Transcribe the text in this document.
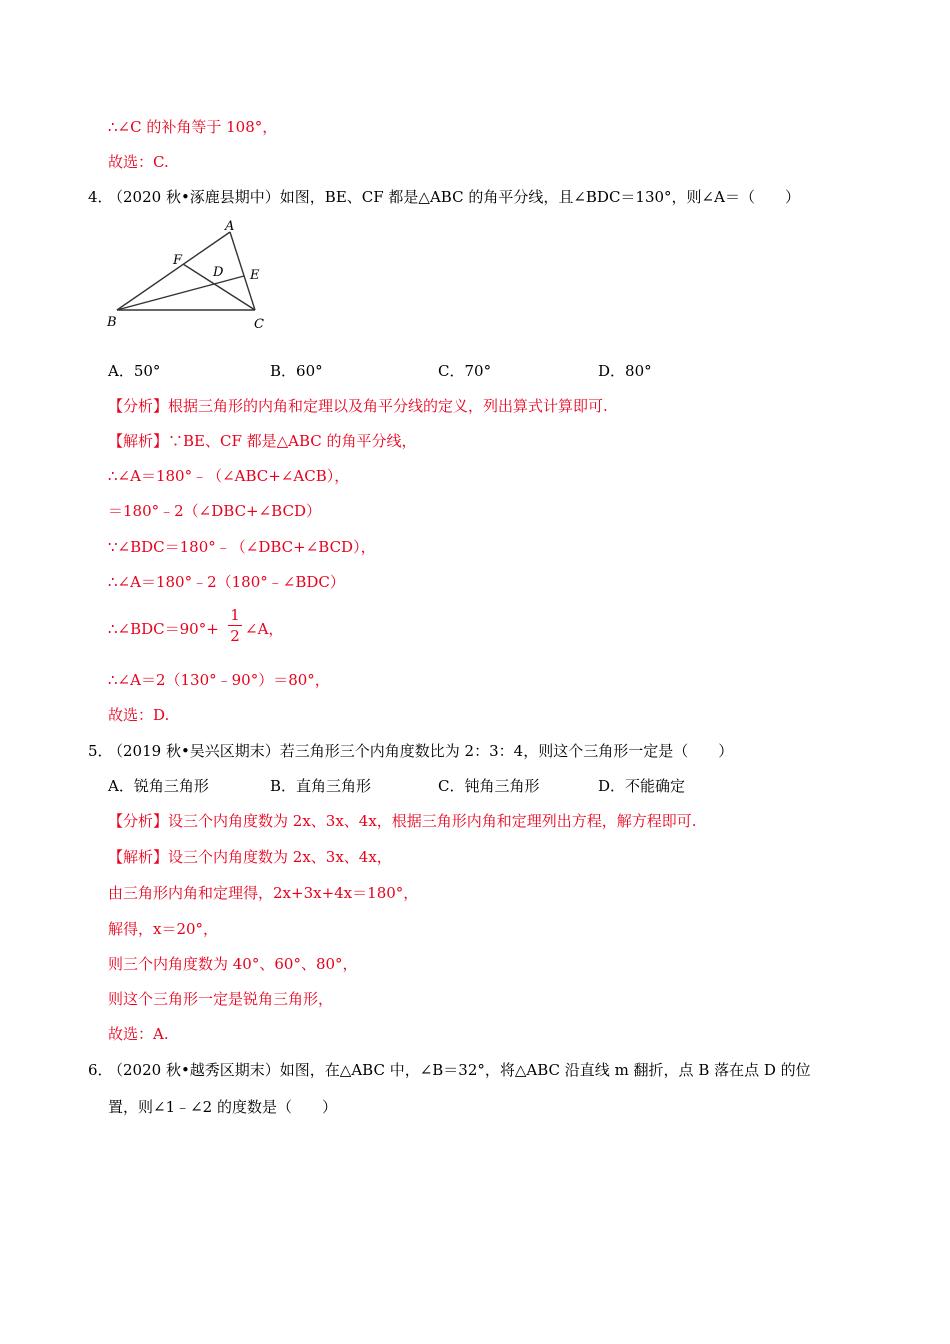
∴∠C 的补角等于 108°，
故选：C.
4．
（2020 秋•涿鹿县期中）如图，BE、CF 都是△ABC 的角平分线，且∠BDC＝130°，则∠A＝（　　）
A
B	C
D E
F
A．50°	B．60°	C．70°	D．80°
【分析】根据三角形的内角和定理以及角平分线的定义，列出算式计算即可.
【解析】∵BE、CF 都是△ABC 的角平分线，
∴∠A＝180°﹣（∠ABC+∠ACB），
＝180°﹣2（∠DBC+∠BCD）
∵∠BDC＝180°﹣（∠DBC+∠BCD），
∴∠A＝180°﹣2（180°﹣∠BDC）
∴∠BDC＝90°+
1
2 ∠A，
∴∠A＝2（130°﹣90°）＝80°，
故选：D.
5．
（2019 秋•吴兴区期末）若三角形三个内角度数比为 2：3：4，则这个三角形一定是（　　）
A．锐角三角形	B．直角三角形	C．钝角三角形	D．不能确定
【分析】设三个内角度数为 2x、3x、4x，根据三角形内角和定理列出方程，解方程即可.
【解析】设三个内角度数为 2x、3x、4x，
由三角形内角和定理得，2x+3x+4x＝180°，
解得，x＝20°，
则三个内角度数为 40°、60°、80°，
则这个三角形一定是锐角三角形，
故选：A.
6．
（2020 秋•越秀区期末）如图，在△ABC 中，∠B＝32°，将△ABC 沿直线 m 翻折，点 B 落在点 D 的位
置，则∠1﹣∠2 的度数是（　　）
